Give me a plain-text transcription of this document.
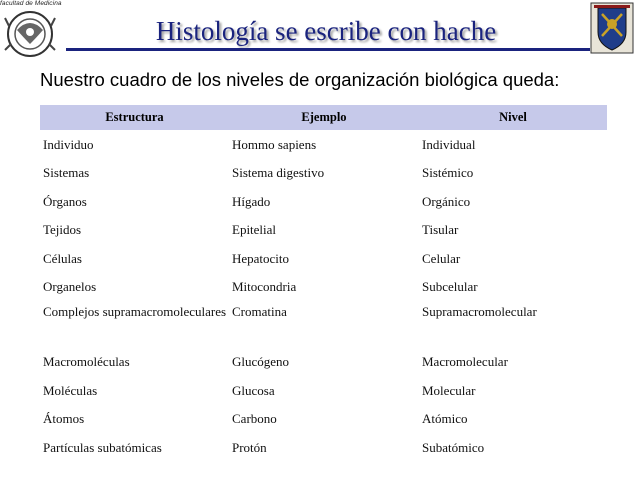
facultad de Medicina
Histología se escribe con hache
Nuestro cuadro de los niveles de organización biológica queda:
Estructura	Ejemplo	Nivel
Individuo	Hommo sapiens	Individual
Sistemas	Sistema digestivo	Sistémico
Órganos	Hígado	Orgánico
Tejidos	Epitelial	Tisular
Células	Hepatocito	Celular
Organelos	Mitocondria	Subcelular
Complejos supramacromoleculares	Cromatina	Supramacromolecular
Macromoléculas	Glucógeno	Macromolecular
Moléculas	Glucosa	Molecular
Átomos	Carbono	Atómico
Partículas subatómicas	Protón	Subatómico
